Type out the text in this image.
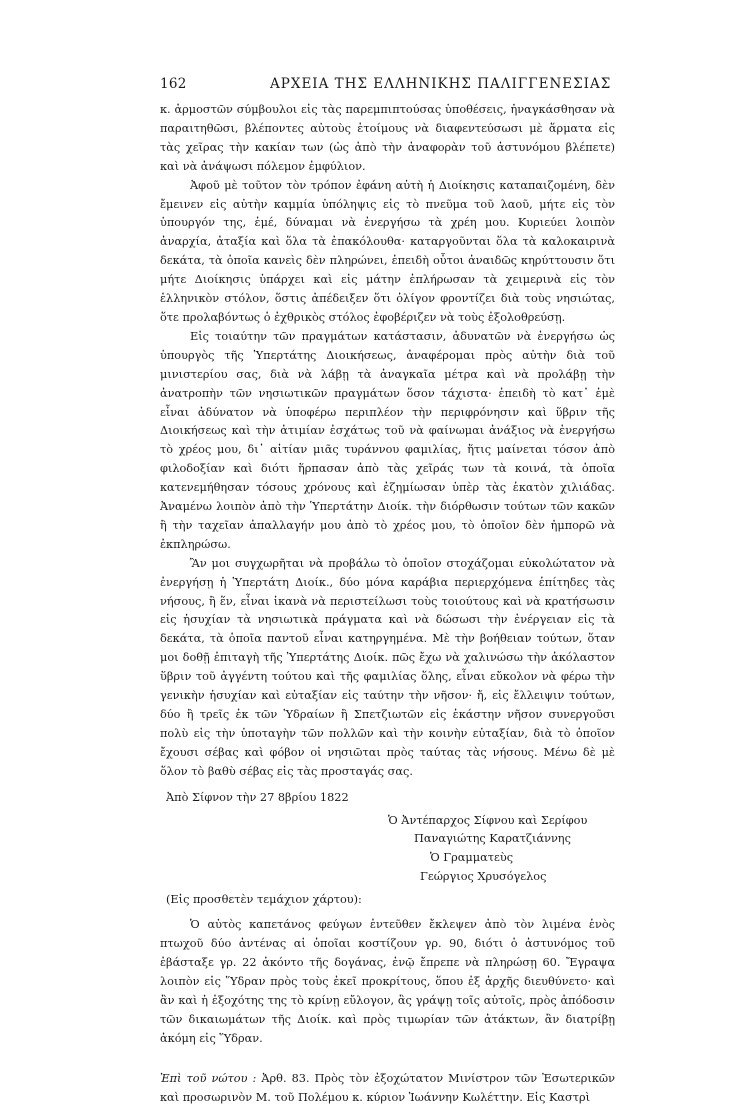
162	ΑΡΧΕΙΑ ΤΗΣ ΕΛΛΗΝΙΚΗΣ ΠΑΛΙΓΓΕΝΕΣΙΑΣ

κ. ἁρμοστῶν σύμβουλοι εἰς τὰς παρεμπιπτούσας ὑποθέσεις, ἠναγκάσθησαν νὰ παραιτηθῶσι, βλέποντες αὐτοὺς ἑτοίμους νὰ διαφεντεύσωσι μὲ ἅρματα εἰς τὰς χεῖρας τὴν κακίαν των (ὡς ἀπὸ τὴν ἀναφορὰν τοῦ ἀστυνόμου βλέπετε) καὶ νὰ ἀνάψωσι πόλεμον ἐμφύλιον.

Ἀφοῦ μὲ τοῦτον τὸν τρόπον ἐφάνη αὐτὴ ἡ Διοίκησις καταπαιζομένη, δὲν ἔμεινεν εἰς αὐτὴν καμμία ὑπόληψις εἰς τὸ πνεῦμα τοῦ λαοῦ, μήτε εἰς τὸν ὑπουργόν της, ἐμέ, δύναμαι νὰ ἐνεργήσω τὰ χρέη μου. Κυριεύει λοιπὸν ἀναρχία, ἀταξία καὶ ὅλα τὰ ἐπακόλουθα· καταργοῦνται ὅλα τὰ καλοκαιρινὰ δεκάτα, τὰ ὁποῖα κανεὶς δὲν πληρώνει, ἐπειδὴ οὗτοι ἀναιδῶς κηρύττουσιν ὅτι μήτε Διοίκησις ὑπάρχει καὶ εἰς μάτην ἐπλήρωσαν τὰ χειμερινὰ εἰς τὸν ἑλληνικὸν στόλον, ὅστις ἀπέδειξεν ὅτι ὀλίγον φροντίζει διὰ τοὺς νησιώτας, ὅτε προλαβόντως ὁ ἐχθρικὸς στόλος ἐφοβέριζεν νὰ τοὺς ἐξολοθρεύσῃ.

Εἰς τοιαύτην τῶν πραγμάτων κατάστασιν, ἀδυνατῶν νὰ ἐνεργήσω ὡς ὑπουργὸς τῆς Ὑπερτάτης Διοικήσεως, ἀναφέρομαι πρὸς αὐτὴν διὰ τοῦ μινιστερίου σας, διὰ νὰ λάβῃ τὰ ἀναγκαῖα μέτρα καὶ νὰ προλάβῃ τὴν ἀνατροπὴν τῶν νησιωτικῶν πραγμάτων ὅσον τάχιστα· ἐπειδὴ τὸ κατ᾽ ἐμὲ εἶναι ἀδύνατον νὰ ὑποφέρω περιπλέον τὴν περιφρόνησιν καὶ ὕβριν τῆς Διοικήσεως καὶ τὴν ἀτιμίαν ἐσχάτως τοῦ νὰ φαίνωμαι ἀνάξιος νὰ ἐνεργήσω τὸ χρέος μου, δι᾽ αἰτίαν μιᾶς τυράννου φαμιλίας, ἥτις μαίνεται τόσον ἀπὸ φιλοδοξίαν καὶ διότι ἥρπασαν ἀπὸ τὰς χεῖράς των τὰ κοινά, τὰ ὁποῖα κατενεμήθησαν τόσους χρόνους καὶ ἐζημίωσαν ὑπὲρ τὰς ἑκατὸν χιλιάδας. Ἀναμένω λοιπὸν ἀπὸ τὴν Ὑπερτάτην Διοίκ. τὴν διόρθωσιν τούτων τῶν κακῶν ἢ τὴν ταχεῖαν ἀπαλλαγήν μου ἀπὸ τὸ χρέος μου, τὸ ὁποῖον δὲν ἠμπορῶ νὰ ἐκπληρώσω.

Ἂν μοι συγχωρῆται νὰ προβάλω τὸ ὁποῖον στοχάζομαι εὐκολώτατον νὰ ἐνεργήσῃ ἡ Ὑπερτάτη Διοίκ., δύο μόνα καράβια περιερχόμενα ἐπίτηδες τὰς νήσους, ἢ ἕν, εἶναι ἱκανὰ νὰ περιστείλωσι τοὺς τοιούτους καὶ νὰ κρατήσωσιν εἰς ἡσυχίαν τὰ νησιωτικὰ πράγματα καὶ νὰ δώσωσι τὴν ἐνέργειαν εἰς τὰ δεκάτα, τὰ ὁποῖα παντοῦ εἶναι κατηργημένα. Μὲ τὴν βοήθειαν τούτων, ὅταν μοι δοθῇ ἐπιταγὴ τῆς Ὑπερτάτης Διοίκ. πῶς ἔχω νὰ χαλινώσω τὴν ἀκόλαστον ὕβριν τοῦ ἀγγέντη τούτου καὶ τῆς φαμιλίας ὅλης, εἶναι εὔκολον νὰ φέρω τὴν γενικὴν ἡσυχίαν καὶ εὐταξίαν εἰς ταύτην τὴν νῆσον· ἤ, εἰς ἔλλειψιν τούτων, δύο ἢ τρεῖς ἐκ τῶν Ὑδραίων ἢ Σπετζιωτῶν εἰς ἑκάστην νῆσον συνεργοῦσι πολὺ εἰς τὴν ὑποταγὴν τῶν πολλῶν καὶ τὴν κοινὴν εὐταξίαν, διὰ τὸ ὁποῖον ἔχουσι σέβας καὶ φόβον οἱ νησιῶται πρὸς ταύτας τὰς νήσους. Μένω δὲ μὲ ὅλον τὸ βαθὺ σέβας εἰς τὰς προσταγάς σας.

Ἀπὸ Σίφνον τὴν 27 8βρίου 1822

Ὁ Ἀντέπαρχος Σίφνου καὶ Σερίφου
Παναγιώτης Καρατζιάννης
Ὁ Γραμματεὺς
Γεώργιος Χρυσόγελος

(Εἰς προσθετὲν τεμάχιον χάρτου):

Ὁ αὐτὸς καπετάνος φεύγων ἐντεῦθεν ἔκλεψεν ἀπὸ τὸν λιμένα ἑνὸς πτωχοῦ δύο ἀντένας αἱ ὁποῖαι κοστίζουν γρ. 90, διότι ὁ ἀστυνόμος τοῦ ἐβάσταξε γρ. 22 ἀκόντο τῆς δογάνας, ἐνῷ ἔπρεπε νὰ πληρώσῃ 60. Ἔγραψα λοιπὸν εἰς Ὕδραν πρὸς τοὺς ἐκεῖ προκρίτους, ὅπου ἐξ ἀρχῆς διευθύνετο· καὶ ἂν καὶ ἡ ἐξοχότης της τὸ κρίνῃ εὔλογον, ἂς γράψῃ τοῖς αὐτοῖς, πρὸς ἀπόδοσιν τῶν δικαιωμάτων τῆς Διοίκ. καὶ πρὸς τιμωρίαν τῶν ἀτάκτων, ἂν διατρίβῃ ἀκόμη εἰς Ὕδραν.

Ἐπὶ τοῦ νώτου : Ἀρθ. 83. Πρὸς τὸν ἐξοχώτατον Μινίστρον τῶν Ἐσωτερικῶν καὶ προσωρινὸν Μ. τοῦ Πολέμου κ. κύριον Ἰωάννην Κωλέττην. Εἰς Καστρὶ
